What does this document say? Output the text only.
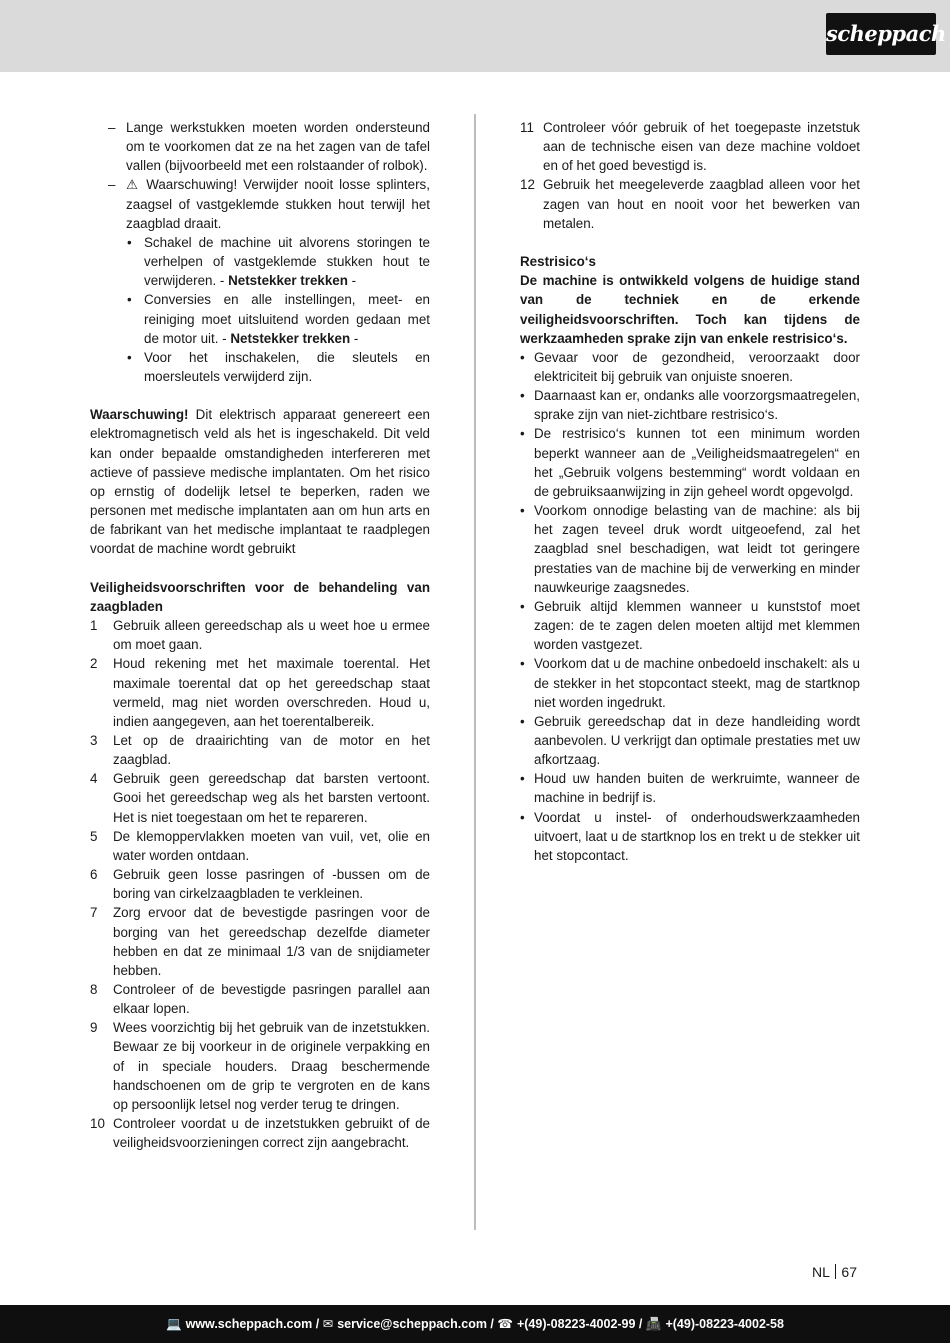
scheppach

– Lange werkstukken moeten worden ondersteund om te voorkomen dat ze na het zagen van de tafel vallen (bijvoorbeeld met een rolstaander of rolbok).

– ⚠ Waarschuwing! Verwijder nooit losse splinters, zaagsel of vastgeklemde stukken hout terwijl het zaagblad draait.

• Schakel de machine uit alvorens storingen te verhelpen of vastgeklemde stukken hout te verwijderen. - Netstekker trekken -

• Conversies en alle instellingen, meet- en reiniging moet uitsluitend worden gedaan met de motor uit. - Netstekker trekken -

• Voor het inschakelen, die sleutels en moersleutels verwijderd zijn.

Waarschuwing! Dit elektrisch apparaat genereert een elektromagnetisch veld als het is ingeschakeld. Dit veld kan onder bepaalde omstandigheden interfereren met actieve of passieve medische implantaten. Om het risico op ernstig of dodelijk letsel te beperken, raden we personen met medische implantaten aan om hun arts en de fabrikant van het medische implantaat te raadplegen voordat de machine wordt gebruikt

Veiligheidsvoorschriften voor de behandeling van zaagbladen

1 Gebruik alleen gereedschap als u weet hoe u ermee om moet gaan.

2 Houd rekening met het maximale toerental. Het maximale toerental dat op het gereedschap staat vermeld, mag niet worden overschreden. Houd u, indien aangegeven, aan het toerentalbereik.

3 Let op de draairichting van de motor en het zaagblad.

4 Gebruik geen gereedschap dat barsten vertoont. Gooi het gereedschap weg als het barsten vertoont. Het is niet toegestaan om het te repareren.

5 De klemoppervlakken moeten van vuil, vet, olie en water worden ontdaan.

6 Gebruik geen losse pasringen of -bussen om de boring van cirkelzaagbladen te verkleinen.

7 Zorg ervoor dat de bevestigde pasringen voor de borging van het gereedschap dezelfde diameter hebben en dat ze minimaal 1/3 van de snijdiameter hebben.

8 Controleer of de bevestigde pasringen parallel aan elkaar lopen.

9 Wees voorzichtig bij het gebruik van de inzetstukken. Bewaar ze bij voorkeur in de originele verpakking en of in speciale houders. Draag beschermende handschoenen om de grip te vergroten en de kans op persoonlijk letsel nog verder terug te dringen.

10 Controleer voordat u de inzetstukken gebruikt of de veiligheidsvoorzieningen correct zijn aangebracht.

11 Controleer vóór gebruik of het toegepaste inzetstuk aan de technische eisen van deze machine voldoet en of het goed bevestigd is.

12 Gebruik het meegeleverde zaagblad alleen voor het zagen van hout en nooit voor het bewerken van metalen.

Restrisico‘s

De machine is ontwikkeld volgens de huidige stand van de techniek en de erkende veiligheidsvoorschriften. Toch kan tijdens de werkzaamheden sprake zijn van enkele restrisico‘s.

• Gevaar voor de gezondheid, veroorzaakt door elektriciteit bij gebruik van onjuiste snoeren.

• Daarnaast kan er, ondanks alle voorzorgsmaatregelen, sprake zijn van niet-zichtbare restrisico‘s.

• De restrisico‘s kunnen tot een minimum worden beperkt wanneer aan de „Veiligheidsmaatregelen“ en het „Gebruik volgens bestemming“ wordt voldaan en de gebruiksaanwijzing in zijn geheel wordt opgevolgd.

• Voorkom onnodige belasting van de machine: als bij het zagen teveel druk wordt uitgeoefend, zal het zaagblad snel beschadigen, wat leidt tot geringere prestaties van de machine bij de verwerking en minder nauwkeurige zaagsnedes.

• Gebruik altijd klemmen wanneer u kunststof moet zagen: de te zagen delen moeten altijd met klemmen worden vastgezet.

• Voorkom dat u de machine onbedoeld inschakelt: als u de stekker in het stopcontact steekt, mag de startknop niet worden ingedrukt.

• Gebruik gereedschap dat in deze handleiding wordt aanbevolen. U verkrijgt dan optimale prestaties met uw afkortzaag.

• Houd uw handen buiten de werkruimte, wanneer de machine in bedrijf is.

• Voordat u instel- of onderhoudswerkzaamheden uitvoert, laat u de startknop los en trekt u de stekker uit het stopcontact.

NL 67
💻 www.scheppach.com / ✉ service@scheppach.com / ☎ +(49)-08223-4002-99 / 📠 +(49)-08223-4002-58
